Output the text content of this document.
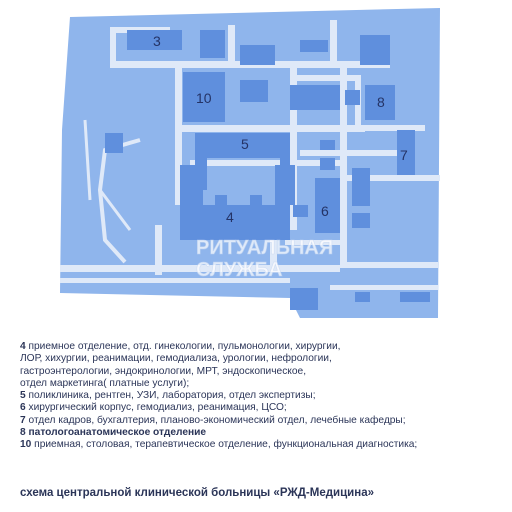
3
10
5
4	6
8
7
РИТУАЛЬНАЯ
СЛУЖБА
4 приемное отделение, отд. гинекологии, пульмонологии, хирургии,
ЛОР, хихургии, реанимации, гемодиализа, урологии, нефрологии,
гастроэнтерологии, эндокринологии, МРТ, эндоскопическое,
отдел маркетинга( платные услуги);
5 поликлиника, рентген, УЗИ, лаборатория, отдел экспертизы;
6 хирургический корпус, гемодиализ, реанимация, ЦСО;
7 отдел кадров, бухгалтерия, планово-экономический отдел, лечебные кафедры;
8 патологоанатомическое отделение
10 приемная, столовая, терапевтическое отделение, функциональная диагностика;
схема центральной клинической больницы «РЖД-Медицина»
